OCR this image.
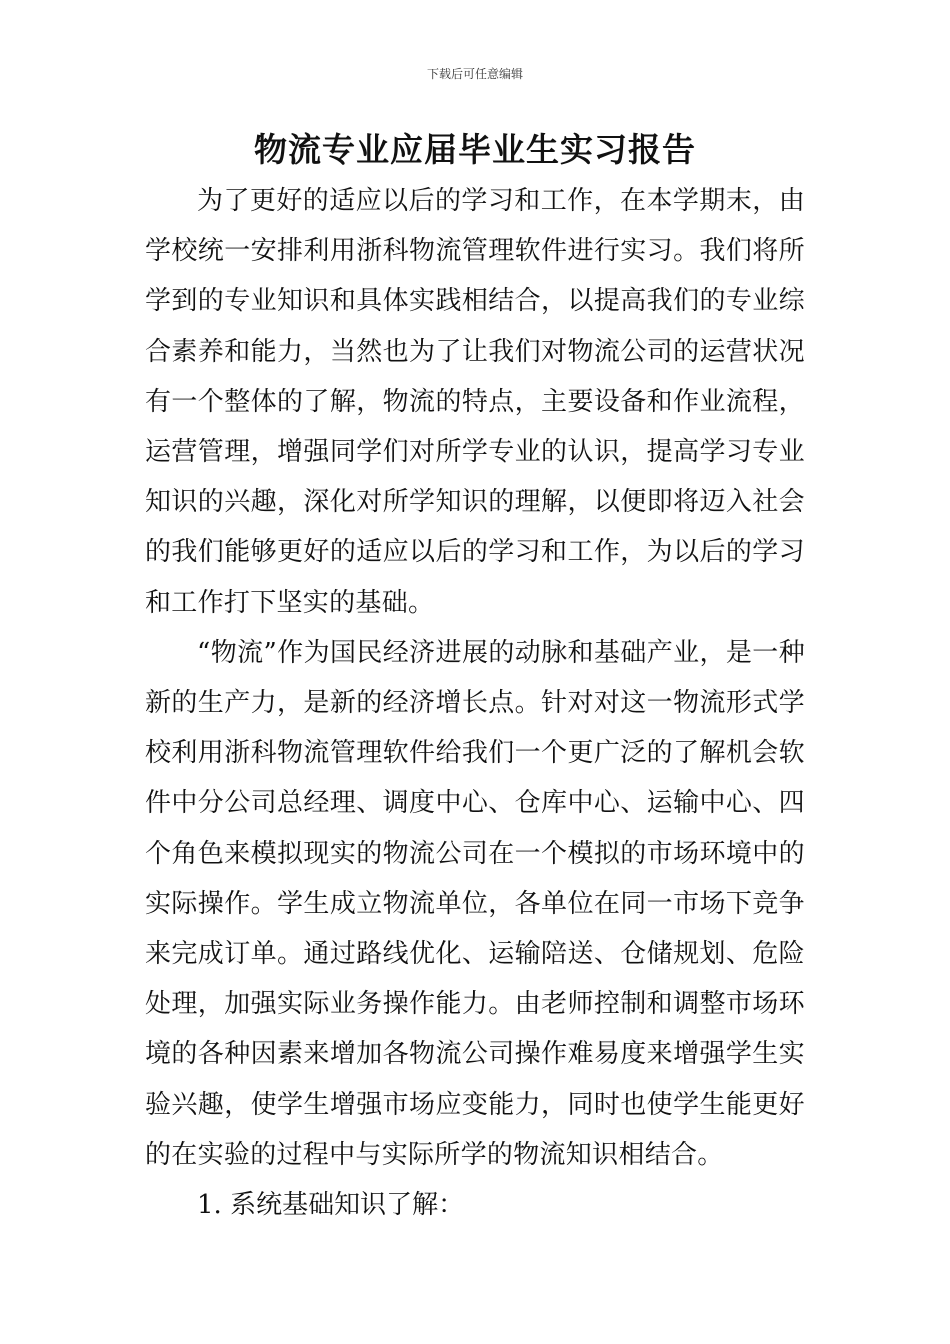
下载后可任意编辑
物流专业应届毕业生实习报告

为了更好的适应以后的学习和工作，在本学期末，由学校统一安排利用浙科物流管理软件进行实习。我们将所学到的专业知识和具体实践相结合，以提高我们的专业综合素养和能力，当然也为了让我们对物流公司的运营状况有一个整体的了解，物流的特点，主要设备和作业流程，运营管理，增强同学们对所学专业的认识，提高学习专业知识的兴趣，深化对所学知识的理解，以便即将迈入社会的我们能够更好的适应以后的学习和工作，为以后的学习和工作打下坚实的基础。

“物流”作为国民经济进展的动脉和基础产业，是一种新的生产力，是新的经济增长点。针对对这一物流形式学校利用浙科物流管理软件给我们一个更广泛的了解机会软件中分公司总经理、调度中心、仓库中心、运输中心、四个角色来模拟现实的物流公司在一个模拟的市场环境中的实际操作。学生成立物流单位，各单位在同一市场下竞争来完成订单。通过路线优化、运输陪送、仓储规划、危险处理，加强实际业务操作能力。由老师控制和调整市场环境的各种因素来增加各物流公司操作难易度来增强学生实验兴趣，使学生增强市场应变能力，同时也使学生能更好的在实验的过程中与实际所学的物流知识相结合。

1. 系统基础知识了解：
